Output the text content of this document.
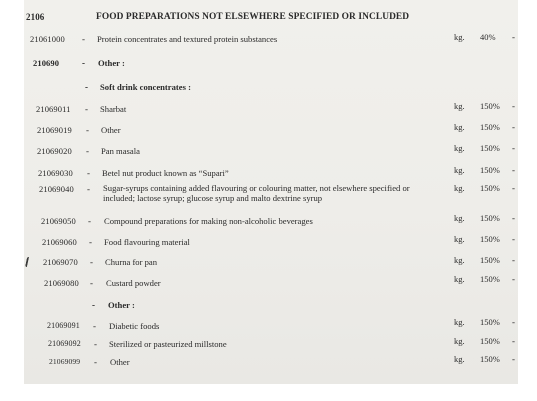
2106	FOOD PREPARATIONS NOT ELSEWHERE SPECIFIED OR INCLUDED
21061000 - Protein concentrates and textured protein substances	kg. 40% -
210690	- Other :
- Soft drink concentrates :
21069011 - Sharbat	kg. 150% -
21069019 - Other	kg. 150% -
21069020 - Pan masala	kg. 150% -
21069030 - Betel nut product known as “Supari”	kg. 150% -
21069040 - Sugar-syrups containing added flavouring or colouring matter, not elsewhere specified or included; lactose syrup; glucose syrup and malto dextrine syrup
kg. 150% -
21069050 - Compound preparations for making non-alcoholic beverages	kg. 150% -
21069060 - Food flavouring material	kg. 150% -
21069070 - Churna for pan	kg. 150% -
21069080 - Custard powder	kg. 150% -
- Other :
21069091 - Diabetic foods	kg. 150% -
21069092 - Sterilized or pasteurized millstone	kg. 150% -
21069099 - Other	kg. 150% -
